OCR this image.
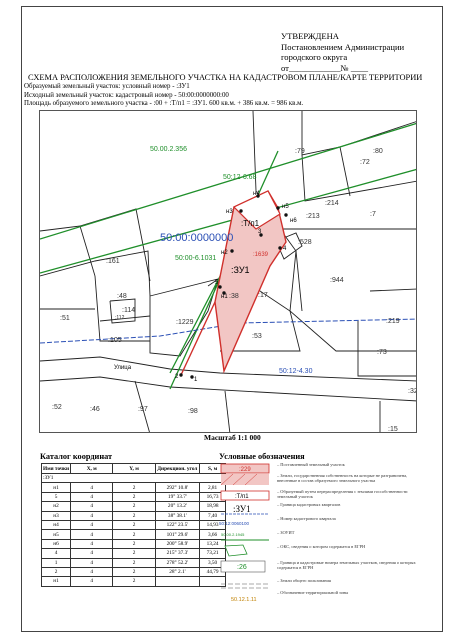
УТВЕРЖДЕНА
Постановлением Администрации
городского округа
от____________№ ____
СХЕМА РАСПОЛОЖЕНИЯ ЗЕМЕЛЬНОГО УЧАСТКА НА КАДАСТРОВОМ ПЛАНЕ/КАРТЕ ТЕРРИТОРИИ
Образуемый земельный участок: условный номер - :ЗУ1
Исходный земельный участок: кадастровый номер - 50:00:0000000:00
Площадь образуемого земельного участка - :00 + :Т/п1 = :ЗУ1. 600 кв.м. + 386 кв.м. = 986 кв.м.
50.00.2.356
50:12-6.68
50:00-6.1031
50:12-4.30
50:00:0000000
:80
:79
:72
:214
:213	:7
:161
:528
:944
:48
:114
:51	:112
:105
:1229
:38	:17
:53
:219
:73
:52	:46	:97	:98
:32
:15
н4
н3
н5
н6
н2
н1
1
2
3
4
5
:Т/п1
:ЗУ1
:1639
Улица
Масштаб 1:1 000
Каталог координат
Имя точки	X, м	Y, м	Дирекцион. угол	S, м
:ЗУ1				
н1	4	2	292° 10.8'	2,81
5	4	2	19° 33.7'	16,73
н2	4	2	20° 13.2'	18,98
н3	4	2	38° 38.1'	7,40
н4	4	2	122° 23.5'	14,93
н5	4	2	101° 29.6'	3,66
н6	4	2	200° 58.9'	13,24
4	4	2	215° 37.3'	73,21
1	4	2	278° 52.2'	3,50
2	4	2	28° 2.1'	44,79
н1	4	2		
Условные обозначения
:229
– Поставленный земельный участок
– Земли, государственная собственность на которые не разграничена, внесенные в состав образуемого земельного участка
:Т/п1
– Образуемый путем перераспределения с землями госсобственности земельный участок
:ЗУ1	– Граница кадастровых кварталов
50:12:0060100
– Номер кадастрового квартала
50.00.2.1945	– ЗОУИТ
– ОКС, сведения о котором содержатся в ЕГРН
:26
– Граница и кадастровые номера земельных участков, сведения о которых содержатся в ЕГРН
– Земли общего пользования
50.12.1.11
– Обозначение территориальной зоны
